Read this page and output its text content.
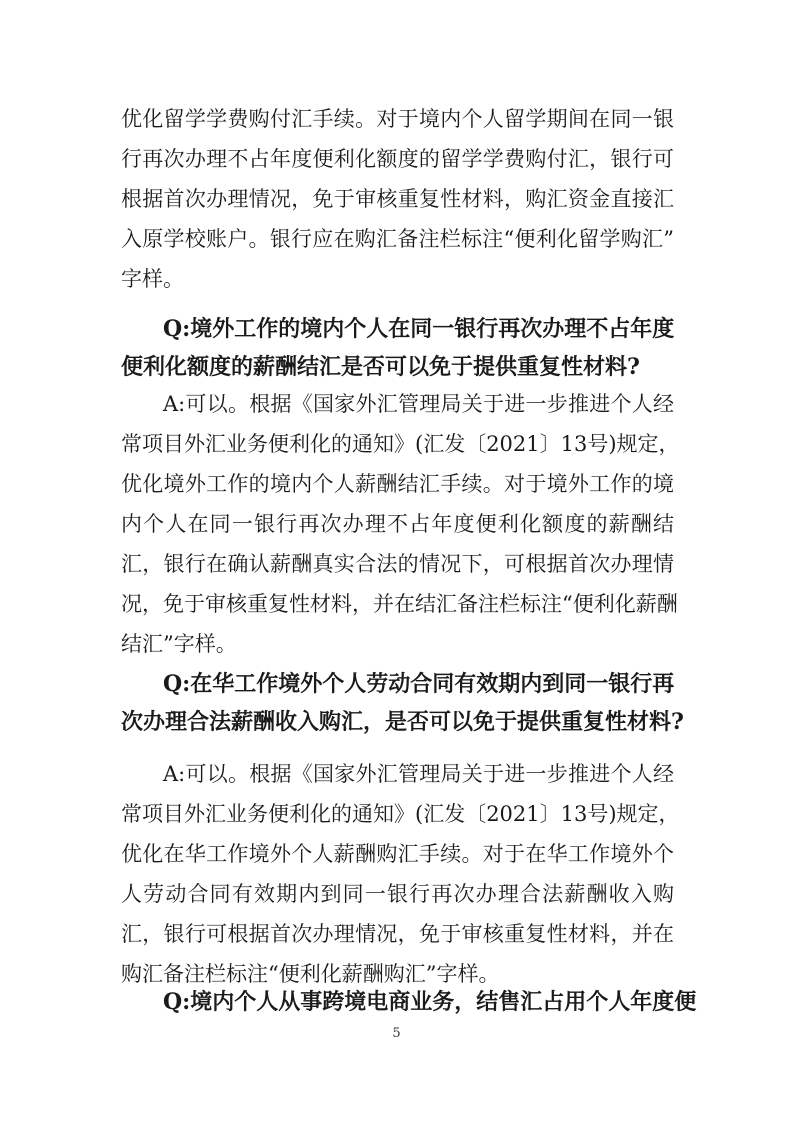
优化留学学费购付汇手续。对于境内个人留学期间在同一银
行再次办理不占年度便利化额度的留学学费购付汇，银行可
根据首次办理情况，免于审核重复性材料，购汇资金直接汇
入原学校账户。银行应在购汇备注栏标注“便利化留学购汇”
字样。
Q:境外工作的境内个人在同一银行再次办理不占年度
便利化额度的薪酬结汇是否可以免于提供重复性材料?
A:可以。根据《国家外汇管理局关于进一步推进个人经
常项目外汇业务便利化的通知》(汇发〔2021〕13号)规定，
优化境外工作的境内个人薪酬结汇手续。对于境外工作的境
内个人在同一银行再次办理不占年度便利化额度的薪酬结
汇，银行在确认薪酬真实合法的情况下，可根据首次办理情
况，免于审核重复性材料，并在结汇备注栏标注“便利化薪酬
结汇”字样。
Q:在华工作境外个人劳动合同有效期内到同一银行再
次办理合法薪酬收入购汇，是否可以免于提供重复性材料?
A:可以。根据《国家外汇管理局关于进一步推进个人经
常项目外汇业务便利化的通知》(汇发〔2021〕13号)规定，
优化在华工作境外个人薪酬购汇手续。对于在华工作境外个
人劳动合同有效期内到同一银行再次办理合法薪酬收入购
汇，银行可根据首次办理情况，免于审核重复性材料，并在
购汇备注栏标注“便利化薪酬购汇”字样。
Q:境内个人从事跨境电商业务，结售汇占用个人年度便
5
